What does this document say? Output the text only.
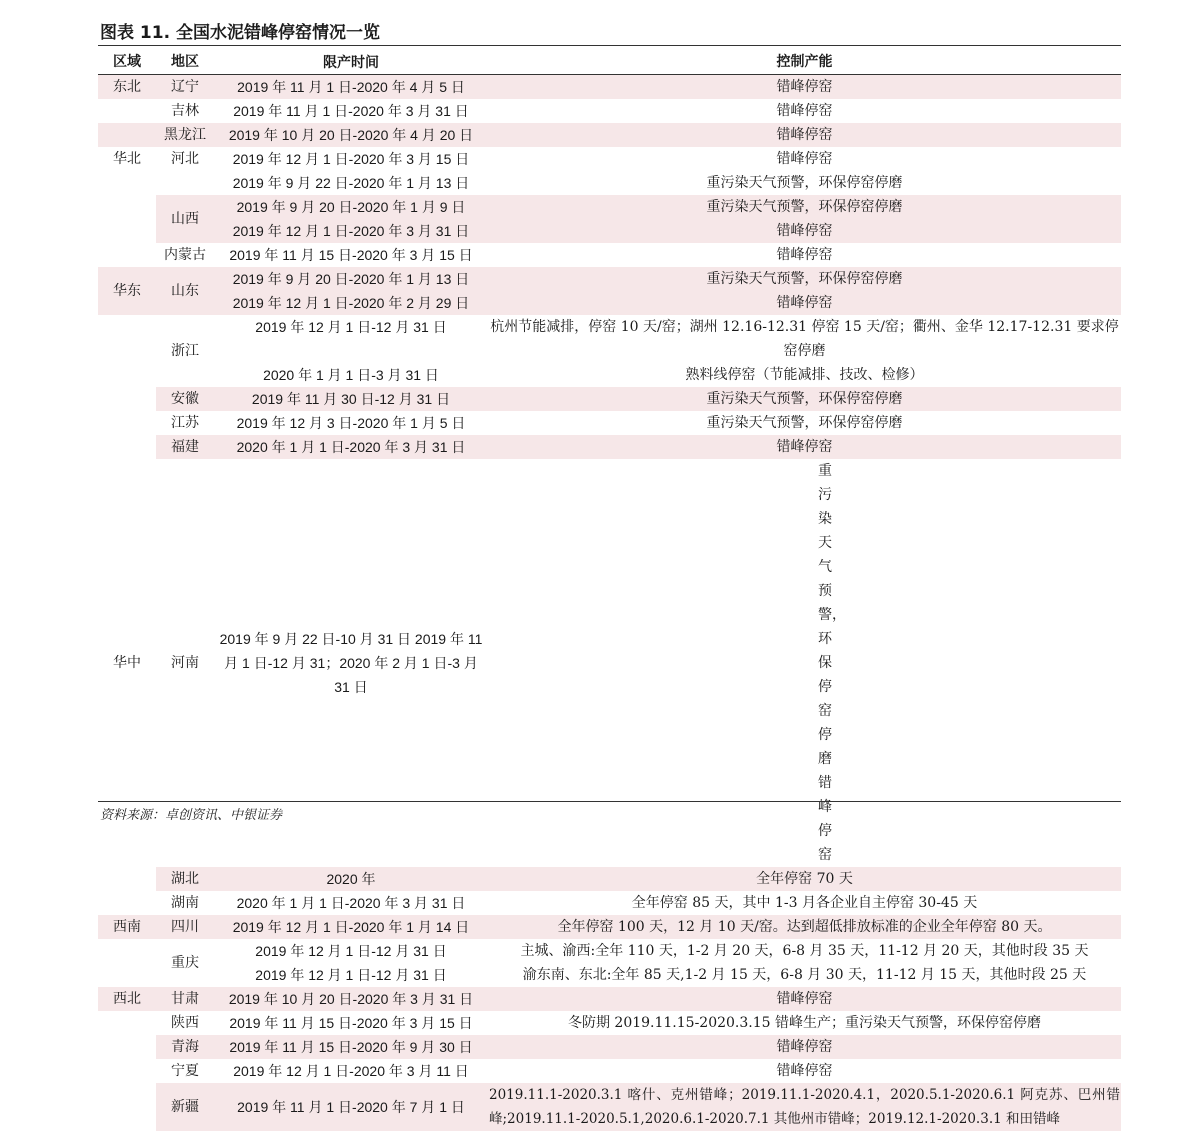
图表 11. 全国水泥错峰停窑情况一览
区域	地区	限产时间	控制产能
东北	辽宁	2019 年 11 月 1 日-2020 年 4 月 5 日	错峰停窑
	吉林	2019 年 11 月 1 日-2020 年 3 月 31 日	错峰停窑
	黑龙江	2019 年 10 月 20 日-2020 年 4 月 20 日	错峰停窑
华北	河北	2019 年 12 月 1 日-2020 年 3 月 15 日	错峰停窑
		2019 年 9 月 22 日-2020 年 1 月 13 日	重污染天气预警，环保停窑停磨
	山西	2019 年 9 月 20 日-2020 年 1 月 9 日	重污染天气预警，环保停窑停磨
		2019 年 12 月 1 日-2020 年 3 月 31 日	错峰停窑
	内蒙古	2019 年 11 月 15 日-2020 年 3 月 15 日	错峰停窑
华东	山东	2019 年 9 月 20 日-2020 年 1 月 13 日	重污染天气预警，环保停窑停磨
		2019 年 12 月 1 日-2020 年 2 月 29 日	错峰停窑
	浙江	2019 年 12 月 1 日-12 月 31 日	杭州节能减排，停窑 10 天/窑；湖州 12.16-12.31 停窑 15 天/窑；衢州、金华 12.17-12.31 要求停窑停磨
		2020 年 1 月 1 日-3 月 31 日	熟料线停窑（节能减排、技改、检修）
	安徽	2019 年 11 月 30 日-12 月 31 日	重污染天气预警，环保停窑停磨
	江苏	2019 年 12 月 3 日-2020 年 1 月 5 日	重污染天气预警，环保停窑停磨
	福建	2020 年 1 月 1 日-2020 年 3 月 31 日	错峰停窑
华中	河南	2019 年 9 月 22 日-10 月 31 日 2019 年 11 月 1 日-12 月 31；2020 年 2 月 1 日-3 月 31 日	重污染天气预警，环保停窑停磨 错峰停窑
	湖北	2020 年	全年停窑 70 天
	湖南	2020 年 1 月 1 日-2020 年 3 月 31 日	全年停窑 85 天，其中 1-3 月各企业自主停窑 30-45 天
西南	四川	2019 年 12 月 1 日-2020 年 1 月 14 日	全年停窑 100 天，12 月 10 天/窑。达到超低排放标准的企业全年停窑 80 天。
	重庆	2019 年 12 月 1 日-12 月 31 日	主城、渝西:全年 110 天，1-2 月 20 天，6-8 月 35 天，11-12 月 20 天，其他时段 35 天
		2019 年 12 月 1 日-12 月 31 日	渝东南、东北:全年 85 天,1-2 月 15 天，6-8 月 30 天，11-12 月 15 天，其他时段 25 天
西北	甘肃	2019 年 10 月 20 日-2020 年 3 月 31 日	错峰停窑
	陕西	2019 年 11 月 15 日-2020 年 3 月 15 日	冬防期 2019.11.15-2020.3.15 错峰生产；重污染天气预警，环保停窑停磨
	青海	2019 年 11 月 15 日-2020 年 9 月 30 日	错峰停窑
	宁夏	2019 年 12 月 1 日-2020 年 3 月 11 日	错峰停窑
	新疆	2019 年 11 月 1 日-2020 年 7 月 1 日	2019.11.1-2020.3.1 喀什、克州错峰；2019.11.1-2020.4.1，2020.5.1-2020.6.1 阿克苏、巴州错峰;2019.11.1-2020.5.1,2020.6.1-2020.7.1 其他州市错峰；2019.12.1-2020.3.1 和田错峰
资料来源：卓创资讯、中银证券
